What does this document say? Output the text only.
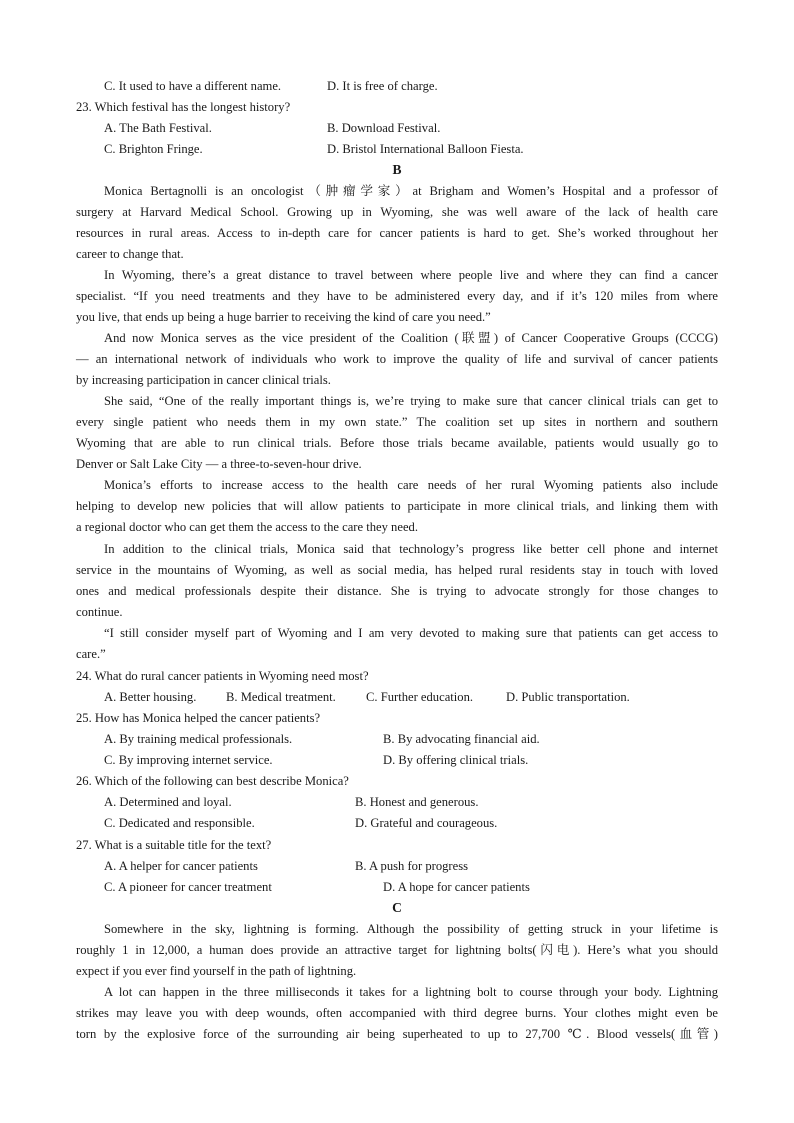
C. It used to have a different name.	D. It is free of charge.
23. Which festival has the longest history?
A. The Bath Festival.	B. Download Festival.
C. Brighton Fringe.	D. Bristol International Balloon Fiesta.
B
Monica Bertagnolli is an oncologist（肿瘤学家）at Brigham and Women’s Hospital and a professor of
surgery at Harvard Medical School. Growing up in Wyoming, she was well aware of the lack of health care
resources in rural areas. Access to in-depth care for cancer patients is hard to get. She’s worked throughout her
career to change that.
In Wyoming, there’s a great distance to travel between where people live and where they can find a cancer
specialist. “If you need treatments and they have to be administered every day, and if it’s 120 miles from where
you live, that ends up being a huge barrier to receiving the kind of care you need.”
And now Monica serves as the vice president of the Coalition (联盟) of Cancer Cooperative Groups (CCCG)
— an international network of individuals who work to improve the quality of life and survival of cancer patients
by increasing participation in cancer clinical trials.
She said, “One of the really important things is, we’re trying to make sure that cancer clinical trials can get to
every single patient who needs them in my own state.” The coalition set up sites in northern and southern
Wyoming that are able to run clinical trials. Before those trials became available, patients would usually go to
Denver or Salt Lake City — a three-to-seven-hour drive.
Monica’s efforts to increase access to the health care needs of her rural Wyoming patients also include
helping to develop new policies that will allow patients to participate in more clinical trials, and linking them with
a regional doctor who can get them the access to the care they need.
In addition to the clinical trials, Monica said that technology’s progress like better cell phone and internet
service in the mountains of Wyoming, as well as social media, has helped rural residents stay in touch with loved
ones and medical professionals despite their distance. She is trying to advocate strongly for those changes to
continue.
“I still consider myself part of Wyoming and I am very devoted to making sure that patients can get access to
care.”
24. What do rural cancer patients in Wyoming need most?
A. Better housing. B. Medical treatment. C. Further education.	D. Public transportation.
25. How has Monica helped the cancer patients?
A. By training medical professionals.	B. By advocating financial aid.
C. By improving internet service.	D. By offering clinical trials.
26. Which of the following can best describe Monica?
A. Determined and loyal.	B. Honest and generous.
C. Dedicated and responsible.	D. Grateful and courageous.
27. What is a suitable title for the text?
A. A helper for cancer patients	B. A push for progress
C. A pioneer for cancer treatment	D. A hope for cancer patients
C
Somewhere in the sky, lightning is forming. Although the possibility of getting struck in your lifetime is
roughly 1 in 12,000, a human does provide an attractive target for lightning bolts(闪电). Here’s what you should
expect if you ever find yourself in the path of lightning.
A lot can happen in the three milliseconds it takes for a lightning bolt to course through your body. Lightning
strikes may leave you with deep wounds, often accompanied with third degree burns. Your clothes might even be
torn by the explosive force of the surrounding air being superheated to up to 27,700 ℃. Blood vessels(血管)
